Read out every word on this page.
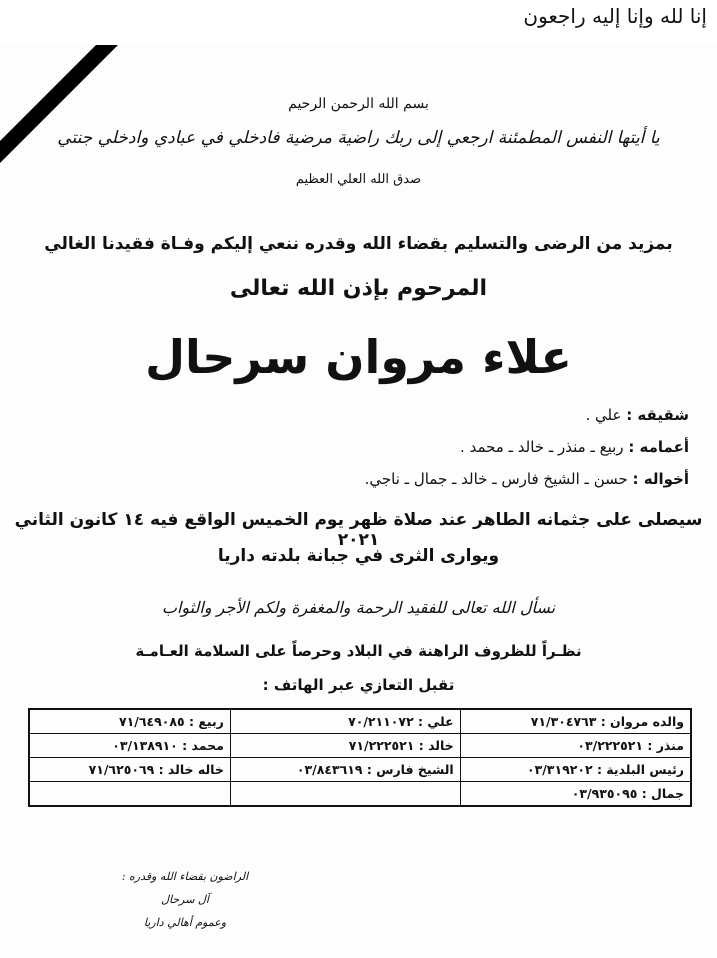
إنا لله وإنا إليه راجعون
بسم الله الرحمن الرحيم
يا أيتها النفس المطمئنة ارجعي إلى ربك راضية مرضية فادخلي في عبادي وادخلي جنتي
صدق الله العلي العظيم
بمزيد من الرضى والتسليم بقضاء الله وقدره ننعي إليكم وفـاة فقيدنا الغالي
المرحوم بإذن الله تعالى
علاء مروان سرحال
شقيقه : علي .
أعمامه : ربيع ـ منذر ـ خالد ـ محمد .
أخواله : حسن ـ الشيخ فارس ـ خالد ـ جمال ـ ناجي.
سيصلى على جثمانه الطاهر عند صلاة ظهر يوم الخميس الواقع فيه ١٤ كانون الثاني ٢٠٢١
ويوارى الثرى في جبانة بلدته داريا
نسأل الله تعالى للفقيد الرحمة والمغفرة ولكم الأجر والثواب
نظـراً للظروف الراهنة في البلاد وحرصاً على السلامة العـامـة
تقبل التعازي عبر الهاتف :
والده مروان : ٧١/٣٠٤٧٦٣	علي : ٧٠/٢١١٠٧٢	ربيع : ٧١/٦٤٩٠٨٥
منذر : ٠٣/٢٢٢٥٢١	خالد : ٧١/٢٢٢٥٢١	محمد : ٠٣/١٣٨٩١٠
رئيس البلدية : ٠٣/٣١٩٢٠٢	الشيخ فارس : ٠٣/٨٤٣٦١٩	خاله خالد : ٧١/٦٢٥٠٦٩
جمال : ٠٣/٩٣٥٠٩٥		
الراضون بقضاء الله وقدره :
آل سرحال
وعموم أهالي داريا
